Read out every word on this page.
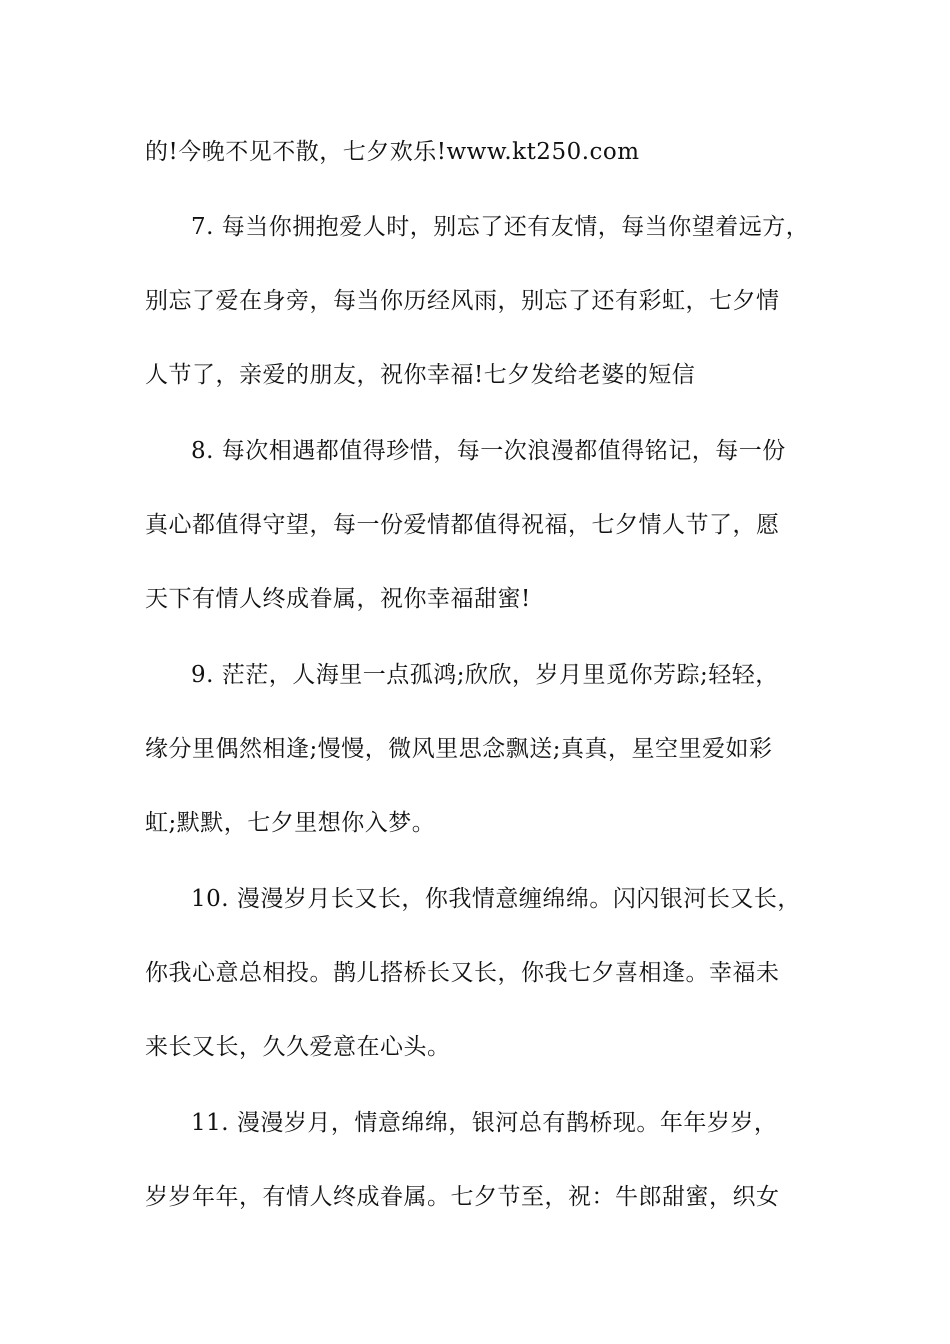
的!今晚不见不散，七夕欢乐!www.kt250.com
7. 每当你拥抱爱人时，别忘了还有友情，每当你望着远方，
别忘了爱在身旁，每当你历经风雨，别忘了还有彩虹，七夕情
人节了，亲爱的朋友，祝你幸福!七夕发给老婆的短信
8. 每次相遇都值得珍惜，每一次浪漫都值得铭记，每一份
真心都值得守望，每一份爱情都值得祝福，七夕情人节了，愿
天下有情人终成眷属，祝你幸福甜蜜!
9. 茫茫，人海里一点孤鸿;欣欣，岁月里觅你芳踪;轻轻，
缘分里偶然相逢;慢慢，微风里思念飘送;真真，星空里爱如彩
虹;默默，七夕里想你入梦。
10. 漫漫岁月长又长，你我情意缠绵绵。闪闪银河长又长，
你我心意总相投。鹊儿搭桥长又长，你我七夕喜相逢。幸福未
来长又长，久久爱意在心头。
11. 漫漫岁月，情意绵绵，银河总有鹊桥现。年年岁岁，
岁岁年年，有情人终成眷属。七夕节至，祝：牛郎甜蜜，织女
